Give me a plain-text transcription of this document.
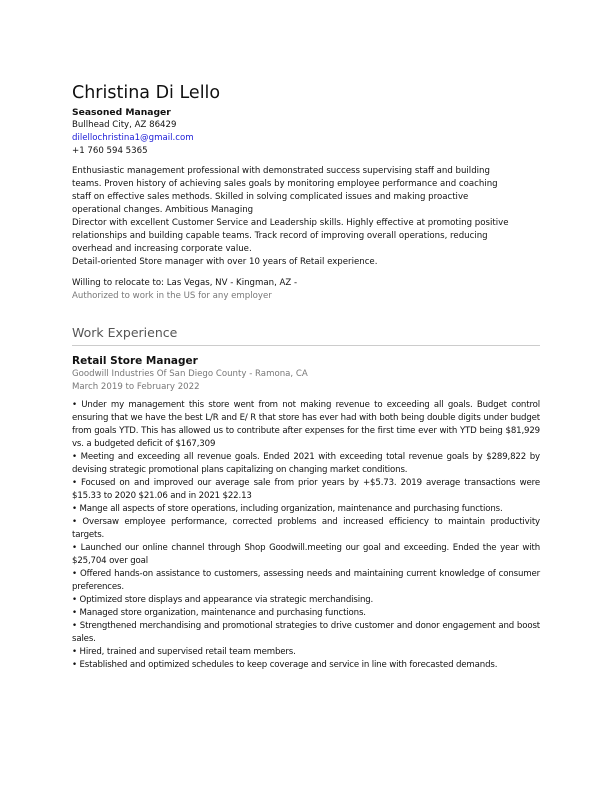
Christina Di Lello
Seasoned Manager
Bullhead City, AZ 86429
dilellochristina1@gmail.com
+1 760 594 5365
Enthusiastic management professional with demonstrated success supervising staff and building
teams. Proven history of achieving sales goals by monitoring employee performance and coaching
staff on effective sales methods. Skilled in solving complicated issues and making proactive
operational changes. Ambitious Managing
Director with excellent Customer Service and Leadership skills. Highly effective at promoting positive
relationships and building capable teams. Track record of improving overall operations, reducing
overhead and increasing corporate value.
Detail-oriented Store manager with over 10 years of Retail experience.
Willing to relocate to: Las Vegas, NV - Kingman, AZ -
Authorized to work in the US for any employer
Work Experience
Retail Store Manager
Goodwill Industries Of San Diego County - Ramona, CA
March 2019 to February 2022

• Under my management this store went from not making revenue to exceeding all goals. Budget control ensuring that we have the best L/R and E/ R that store has ever had with both being double digits under budget from goals YTD. This has allowed us to contribute after expenses for the first time ever with YTD being $81,929 vs. a budgeted deficit of $167,309

• Meeting and exceeding all revenue goals. Ended 2021 with exceeding total revenue goals by $289,822 by devising strategic promotional plans capitalizing on changing market conditions.

• Focused on and improved our average sale from prior years by +$5.73. 2019 average transactions were $15.33 to 2020 $21.06 and in 2021 $22.13

• Mange all aspects of store operations, including organization, maintenance and purchasing functions.

• Oversaw employee performance, corrected problems and increased efficiency to maintain productivity targets.

• Launched our online channel through Shop Goodwill.meeting our goal and exceeding. Ended the year with $25,704 over goal

• Offered hands-on assistance to customers, assessing needs and maintaining current knowledge of consumer preferences.

• Optimized store displays and appearance via strategic merchandising.

• Managed store organization, maintenance and purchasing functions.

• Strengthened merchandising and promotional strategies to drive customer and donor engagement and boost sales.

• Hired, trained and supervised retail team members.

• Established and optimized schedules to keep coverage and service in line with forecasted demands.
